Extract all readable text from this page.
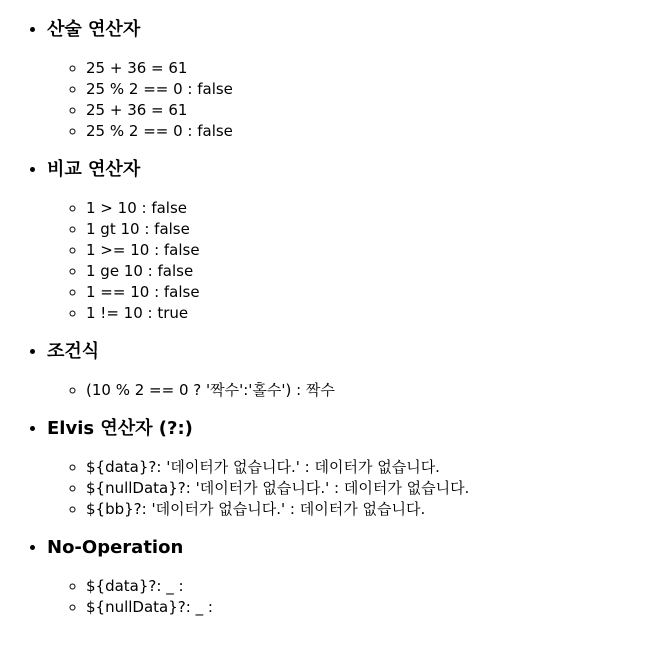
• 산술 연산자
◦ 25 + 36 = 61
◦ 25 % 2 == 0 : false
◦ 25 + 36 = 61
◦ 25 % 2 == 0 : false
• 비교 연산자
◦ 1 > 10 : false
◦ 1 gt 10 : false
◦ 1 >= 10 : false
◦ 1 ge 10 : false
◦ 1 == 10 : false
◦ 1 != 10 : true
• 조건식
◦ (10 % 2 == 0 ? '짝수':'홀수') : 짝수
• Elvis 연산자 (?:)
◦ ${data}?: '데이터가 없습니다.' : 데이터가 없습니다.
◦ ${nullData}?: '데이터가 없습니다.' : 데이터가 없습니다.
◦ ${bb}?: '데이터가 없습니다.' : 데이터가 없습니다.
• No-Operation
◦ ${data}?: _ :
◦ ${nullData}?: _ :
